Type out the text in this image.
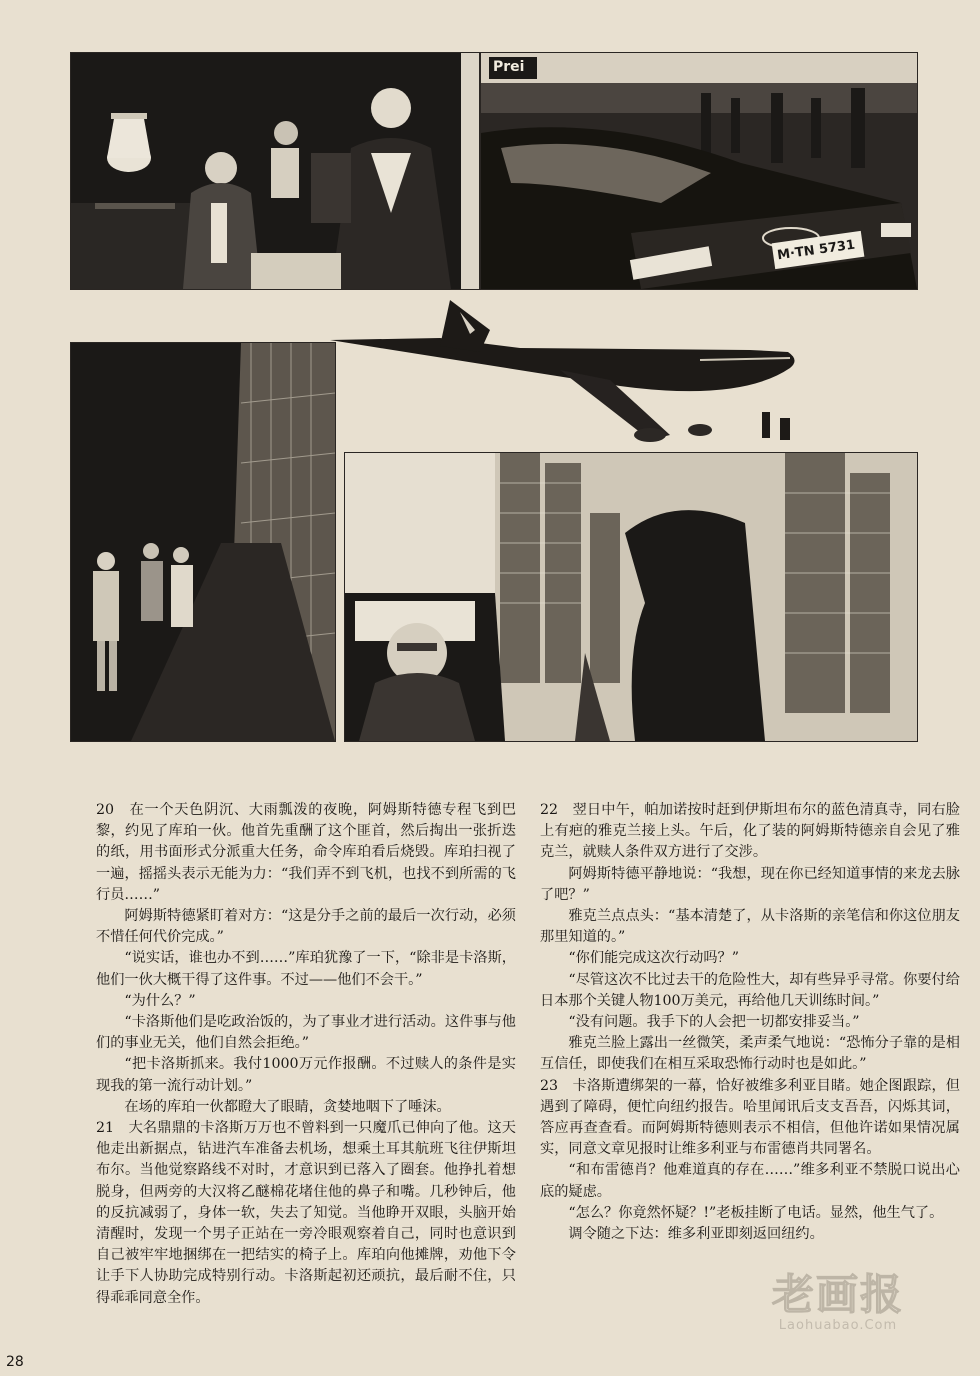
Prei
M·TN 5731

20　在一个天色阴沉、大雨瓢泼的夜晚，阿姆斯特德专程飞到巴黎，约见了库珀一伙。他首先重酬了这个匪首，然后掏出一张折迭的纸，用书面形式分派重大任务，命令库珀看后烧毁。库珀扫视了一遍，摇摇头表示无能为力：“我们弄不到飞机，也找不到所需的飞行员……”

阿姆斯特德紧盯着对方：“这是分手之前的最后一次行动，必须不惜任何代价完成。”

“说实话，谁也办不到……”库珀犹豫了一下，“除非是卡洛斯，他们一伙大概干得了这件事。不过——他们不会干。”

“为什么？”

“卡洛斯他们是吃政治饭的，为了事业才进行活动。这件事与他们的事业无关，他们自然会拒绝。”

“把卡洛斯抓来。我付1000万元作报酬。不过赎人的条件是实现我的第一流行动计划。”

在场的库珀一伙都瞪大了眼睛，贪婪地咽下了唾沫。

21　大名鼎鼎的卡洛斯万万也不曾料到一只魔爪已伸向了他。这天他走出新据点，钻进汽车准备去机场，想乘土耳其航班飞往伊斯坦布尔。当他觉察路线不对时，才意识到已落入了圈套。他挣扎着想脱身，但两旁的大汉将乙醚棉花堵住他的鼻子和嘴。几秒钟后，他的反抗减弱了，身体一软，失去了知觉。当他睁开双眼，头脑开始清醒时，发现一个男子正站在一旁冷眼观察着自己，同时也意识到自己被牢牢地捆绑在一把结实的椅子上。库珀向他摊牌，劝他下令让手下人协助完成特别行动。卡洛斯起初还顽抗，最后耐不住，只得乖乖同意全作。

22　翌日中午，帕加诺按时赶到伊斯坦布尔的蓝色清真寺，同右脸上有疤的雅克兰接上头。午后，化了装的阿姆斯特德亲自会见了雅克兰，就赎人条件双方进行了交涉。

阿姆斯特德平静地说：“我想，现在你已经知道事情的来龙去脉了吧？”

雅克兰点点头：“基本清楚了，从卡洛斯的亲笔信和你这位朋友那里知道的。”

“你们能完成这次行动吗？”

“尽管这次不比过去干的危险性大，却有些异乎寻常。你要付给日本那个关键人物100万美元，再给他几天训练时间。”

“没有问题。我手下的人会把一切都安排妥当。”

雅克兰脸上露出一丝微笑，柔声柔气地说：“恐怖分子靠的是相互信任，即使我们在相互采取恐怖行动时也是如此。”

23　卡洛斯遭绑架的一幕，恰好被维多利亚目睹。她企图跟踪，但遇到了障碍，便忙向纽约报告。哈里闻讯后支支吾吾，闪烁其词，答应再查查看。而阿姆斯特德则表示不相信，但他许诺如果情况属实，同意文章见报时让维多利亚与布雷德肖共同署名。

“和布雷德肖？他难道真的存在……”维多利亚不禁脱口说出心底的疑虑。

“怎么？你竟然怀疑？!”老板挂断了电话。显然，他生气了。

调令随之下达：维多利亚即刻返回纽约。

老画报
Laohuabao.Com
28
